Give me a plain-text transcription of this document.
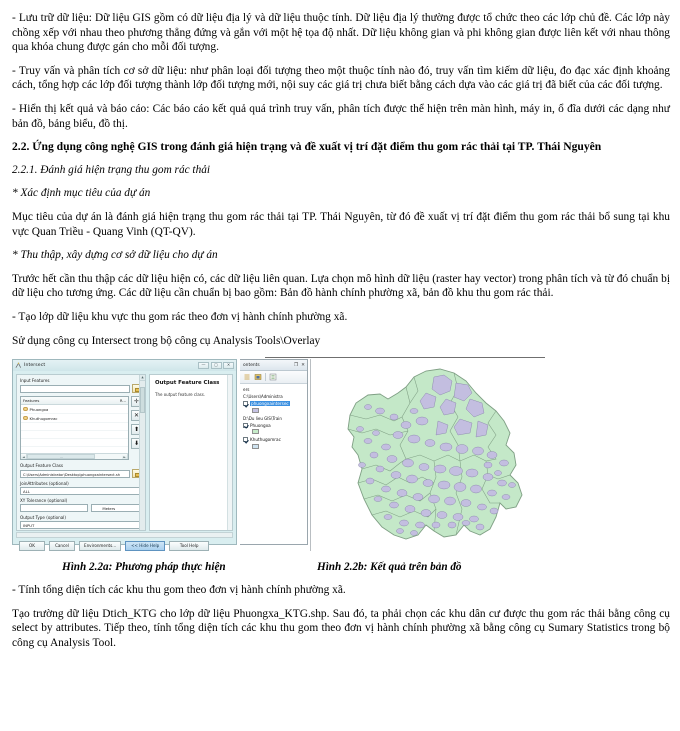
- Lưu trữ dữ liệu: Dữ liệu GIS gồm có dữ liệu địa lý và dữ liệu thuộc tính. Dữ liệu địa lý thường được tổ chức theo các lớp chủ đề. Các lớp này chồng xếp với nhau theo phương thẳng đứng và gắn với một hệ tọa độ nhất. Dữ liệu không gian và phi không gian được liên kết với nhau thông qua khóa chung được gán cho mỗi đối tượng.

- Truy vấn và phân tích cơ sở dữ liệu: như phân loại đối tượng theo một thuộc tính nào đó, truy vấn tìm kiếm dữ liệu, đo đạc xác định khoảng cách, tổng hợp các lớp đối tượng thành lớp đối tượng mới, nội suy các giá trị chưa biết bằng cách dựa vào các giá trị đã biết của các đối tượng.

- Hiển thị kết quả và báo cáo: Các báo cáo kết quả quá trình truy vấn, phân tích được thể hiện trên màn hình, máy in, ổ đĩa dưới các dạng như bản đồ, bảng biểu, đồ thị.

2.2. Ứng dụng công nghệ GIS trong đánh giá hiện trạng và đề xuất vị trí đặt điểm thu gom rác thải tại TP. Thái Nguyên
2.2.1. Đánh giá hiện trạng thu gom rác thải

* Xác định mục tiêu của dự án

Mục tiêu của dự án là đánh giá hiện trạng thu gom rác thải tại TP. Thái Nguyên, từ đó đề xuất vị trí đặt điểm thu gom rác thải bổ sung tại khu vực Quan Triều - Quang Vinh (QT-QV).

* Thu thập, xây dựng cơ sở dữ liệu cho dự án

Trước hết cần thu thập các dữ liệu hiện có, các dữ liệu liên quan. Lựa chọn mô hình dữ liệu (raster hay vector) trong phân tích và từ đó chuẩn bị dữ liệu cho tương ứng. Các dữ liệu cần chuẩn bị bao gồm: Bản đồ hành chính phường xã, bản đồ khu thu gom rác thải.

- Tạo lớp dữ liệu khu vực thu gom rác theo đơn vị hành chính phường xã.

Sử dụng công cụ Intersect trong bộ công cụ Analysis Tools\Overlay

Intersect	—	◻	✕
Input Features
Features	R...
Phuongxa
Khuthugomrac
◄	⋯	►
✛
✕
⬆
⬇
Output Feature Class
C:\Users\Administrator\Desktop\phuongxaintersect.sh
JoinAttributes (optional)
ALL
XY Tolerance (optional)
Meters
Output Type (optional)
INPUT
▲
Output Feature Class
The output feature class.
OK	Cancel	Environments...	<< Hide Help	Tool Help
ontents	❐ ✕
ers
C:\Users\Administra
phuongxaintersec
D:\Du lieu GIS\Train
Phuongxa
Khuthugomrac
Hình 2.2a: Phương pháp thực hiện	Hình 2.2b: Kết quả trên bản đồ

- Tính tổng diện tích các khu thu gom theo đơn vị hành chính phường xã.

Tạo trường dữ liệu Dtich_KTG cho lớp dữ liệu Phuongxa_KTG.shp. Sau đó, ta phải chọn các khu dân cư được thu gom rác thải bằng công cụ select by attributes. Tiếp theo, tính tổng diện tích các khu thu gom theo đơn vị hành chính phường xã bằng công cụ Sumary Statistics trong bộ công cụ Analysis Tool.
